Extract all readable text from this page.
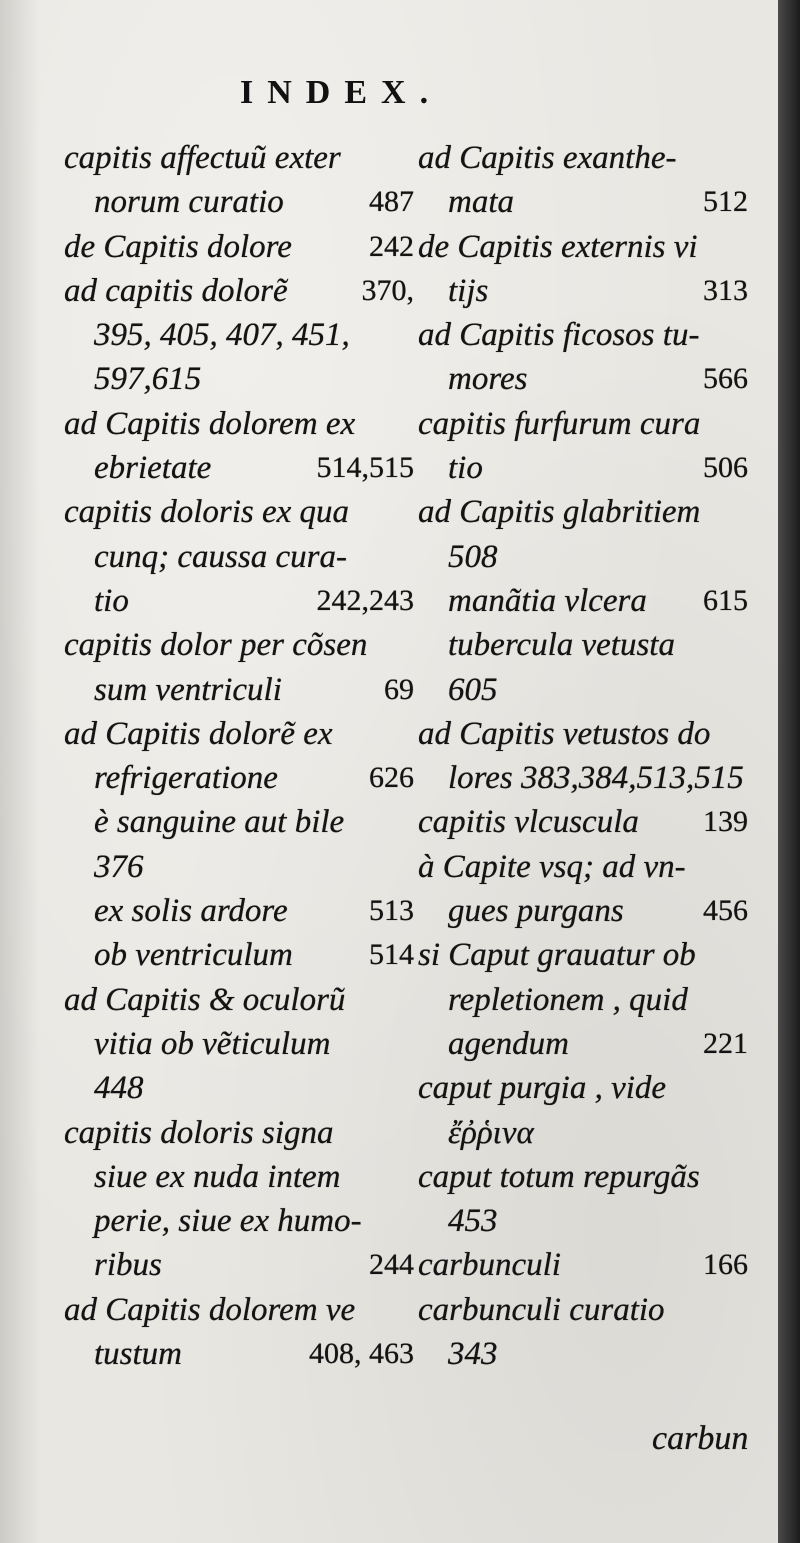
INDEX.
capitis affectuũ exter
norum curatio	487
de Capitis dolore	242
ad capitis dolorẽ 370,
395, 405, 407, 451,
597,615
ad Capitis dolorem ex
ebrietate	514,515
capitis doloris ex qua
cunq; caussa cura-
tio	242,243
capitis dolor per cõsen
sum ventriculi	69
ad Capitis dolorẽ ex
refrigeratione	626
è sanguine aut bile
376
ex solis ardore	513
ob ventriculum	514
ad Capitis & oculorũ
vitia ob vẽticulum
448
capitis doloris signa
siue ex nuda intem
perie, siue ex humo-
ribus	244
ad Capitis dolorem ve
tustum	408, 463
ad Capitis exanthe-
mata	512
de Capitis externis vi
tijs	313
ad Capitis ficosos tu-
mores	566
capitis furfurum cura
tio	506
ad Capitis glabritiem
508
manãtia vlcera 615
tubercula vetusta
605
ad Capitis vetustos do
lores 383,384,513,515
capitis vlcuscula 139
à Capite vsq; ad vn-
gues purgans	456
si Caput grauatur ob
repletionem , quid
agendum	221
caput purgia , vide
ἔῤῥινα
caput totum repurgãs
453
carbunculi	166
carbunculi curatio
343
carbun
